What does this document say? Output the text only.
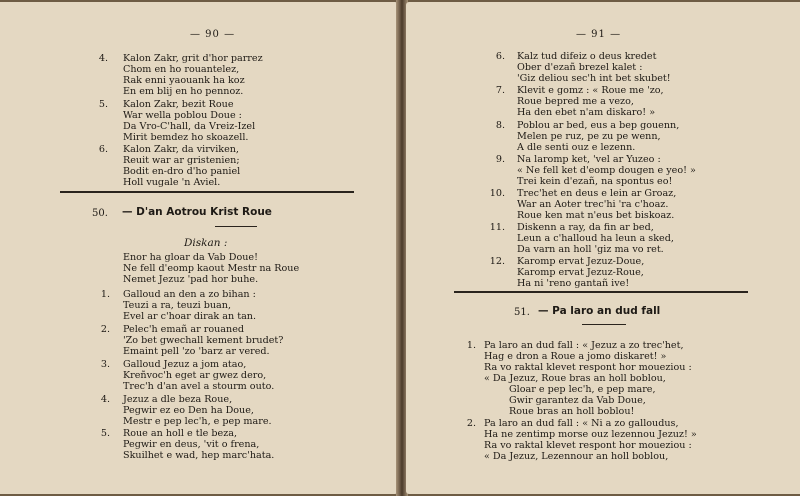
— 90 —
4. Kalon Zakr, grit d'hor parrez
Chom en ho rouantelez,
Rak enni yaouank ha koz
En em blij en ho pennoz.
5. Kalon Zakr, bezit Roue
War wella poblou Doue :
Da Vro-C'hall, da Vreiz-Izel
Mirit bemdez ho skoazell.
6. Kalon Zakr, da virviken,
Reuit war ar gristenien;
Bodit en-dro d'ho paniel
Holl vugale 'n Aviel.
50. — D'an Aotrou Krist Roue
Diskan :
Enor ha gloar da Vab Doue!
Ne fell d'eomp kaout Mestr na Roue
Nemet Jezuz 'pad hor buhe.
1. Galloud an den a zo bihan :
Teuzi a ra, teuzi buan,
Evel ar c'hoar dirak an tan.
2. Pelec'h emañ ar rouaned
'Zo bet gwechall kement brudet?
Emaint pell 'zo 'barz ar vered.
3. Galloud Jezuz a jom atao,
Kreñvoc'h eget ar gwez dero,
Trec'h d'an avel a stourm outo.
4. Jezuz a dle beza Roue,
Pegwir ez eo Den ha Doue,
Mestr e pep lec'h, e pep mare.
5. Roue an holl e tle beza,
Pegwir en deus, 'vit o frena,
Skuilhet e wad, hep marc'hata.
— 91 —
6. Kalz tud difeiz o deus kredet
Ober d'ezañ brezel kalet :
'Giz deliou sec'h int bet skubet!
7. Klevit e gomz : « Roue me 'zo,
Roue bepred me a vezo,
Ha den ebet n'am diskaro! »
8. Poblou ar bed, eus a bep gouenn,
Melen pe ruz, pe zu pe wenn,
A dle senti ouz e lezenn.
9. Na laromp ket, 'vel ar Yuzeo :
« Ne fell ket d'eomp dougen e yeo! »
Trei kein d'ezañ, na spontus eo!
10. Trec'het en deus e lein ar Groaz,
War an Aoter trec'hi 'ra c'hoaz.
Roue ken mat n'eus bet biskoaz.
11. Diskenn a ray, da fin ar bed,
Leun a c'halloud ha leun a sked,
Da varn an holl 'giz ma vo ret.
12. Karomp ervat Jezuz-Doue,
Karomp ervat Jezuz-Roue,
Ha ni 'reno gantañ ive!
51. — Pa laro an dud fall
1. Pa laro an dud fall : « Jezuz a zo trec'het,
Hag e dron a Roue a jomo diskaret! »
Ra vo raktal klevet respont hor moueziou :
« Da Jezuz, Roue bras an holl boblou,
Gloar e pep lec'h, e pep mare,
Gwir garantez da Vab Doue,
Roue bras an holl boblou!
2. Pa laro an dud fall : « Ni a zo galloudus,
Ha ne zentimp morse ouz lezennou Jezuz! »
Ra vo raktal klevet respont hor moueziou :
« Da Jezuz, Lezennour an holl boblou,
